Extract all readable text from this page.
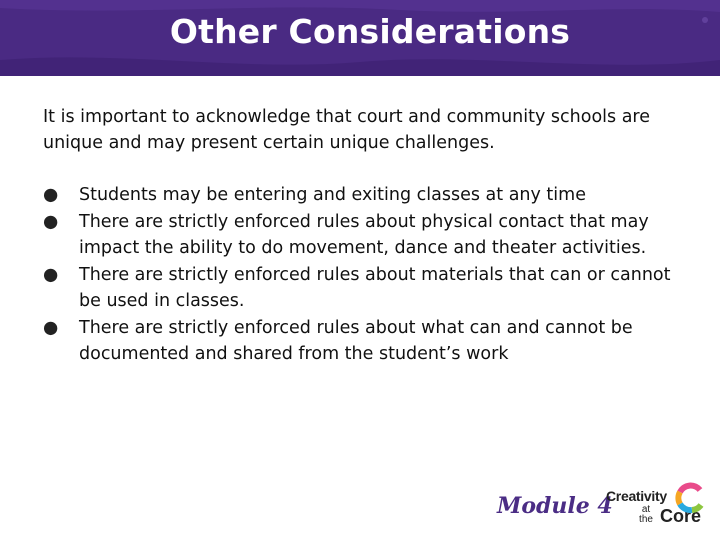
Other Considerations

It is important to acknowledge that court and community schools are unique and may present certain unique challenges.

● Students may be entering and exiting classes at any time
● There are strictly enforced rules about physical contact that may impact the ability to do movement, dance and theater activities.
● There are strictly enforced rules about materials that can or cannot be used in classes.
● There are strictly enforced rules about what can and cannot be documented and shared from the student’s work

Module 4

Creativity

at the Core
